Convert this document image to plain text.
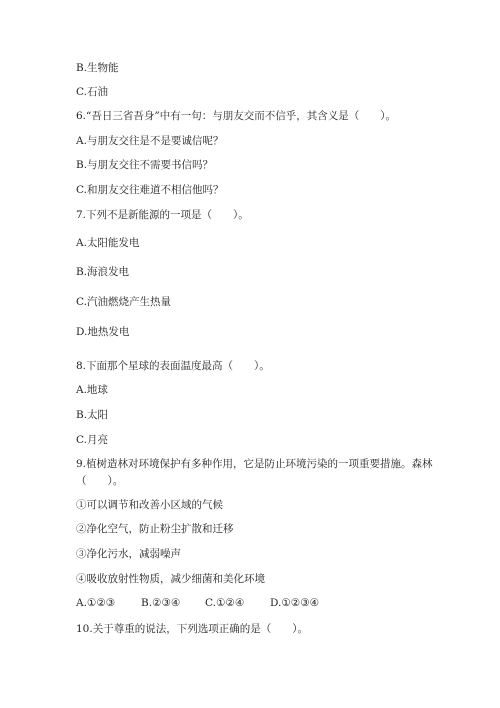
B.生物能
C.石油
6.“吾日三省吾身”中有一句：与朋友交而不信乎，其含义是（　　）。
A.与朋友交往是不是要诚信呢？
B.与朋友交往不需要书信吗？
C.和朋友交往难道不相信他吗？
7.下列不是新能源的一项是（　　）。
A.太阳能发电
B.海浪发电
C.汽油燃烧产生热量
D.地热发电
8.下面那个星球的表面温度最高（　　）。
A.地球
B.太阳
C.月亮
9.植树造林对环境保护有多种作用，它是防止环境污染的一项重要措施。森林
（　　）。
①可以调节和改善小区域的气候
②净化空气，防止粉尘扩散和迁移
③净化污水，减弱噪声
④吸收放射性物质，减少细菌和美化环境
A.①②③	B.②③④	C.①②④	D.①②③④
10.关于尊重的说法，下列选项正确的是（　　）。
